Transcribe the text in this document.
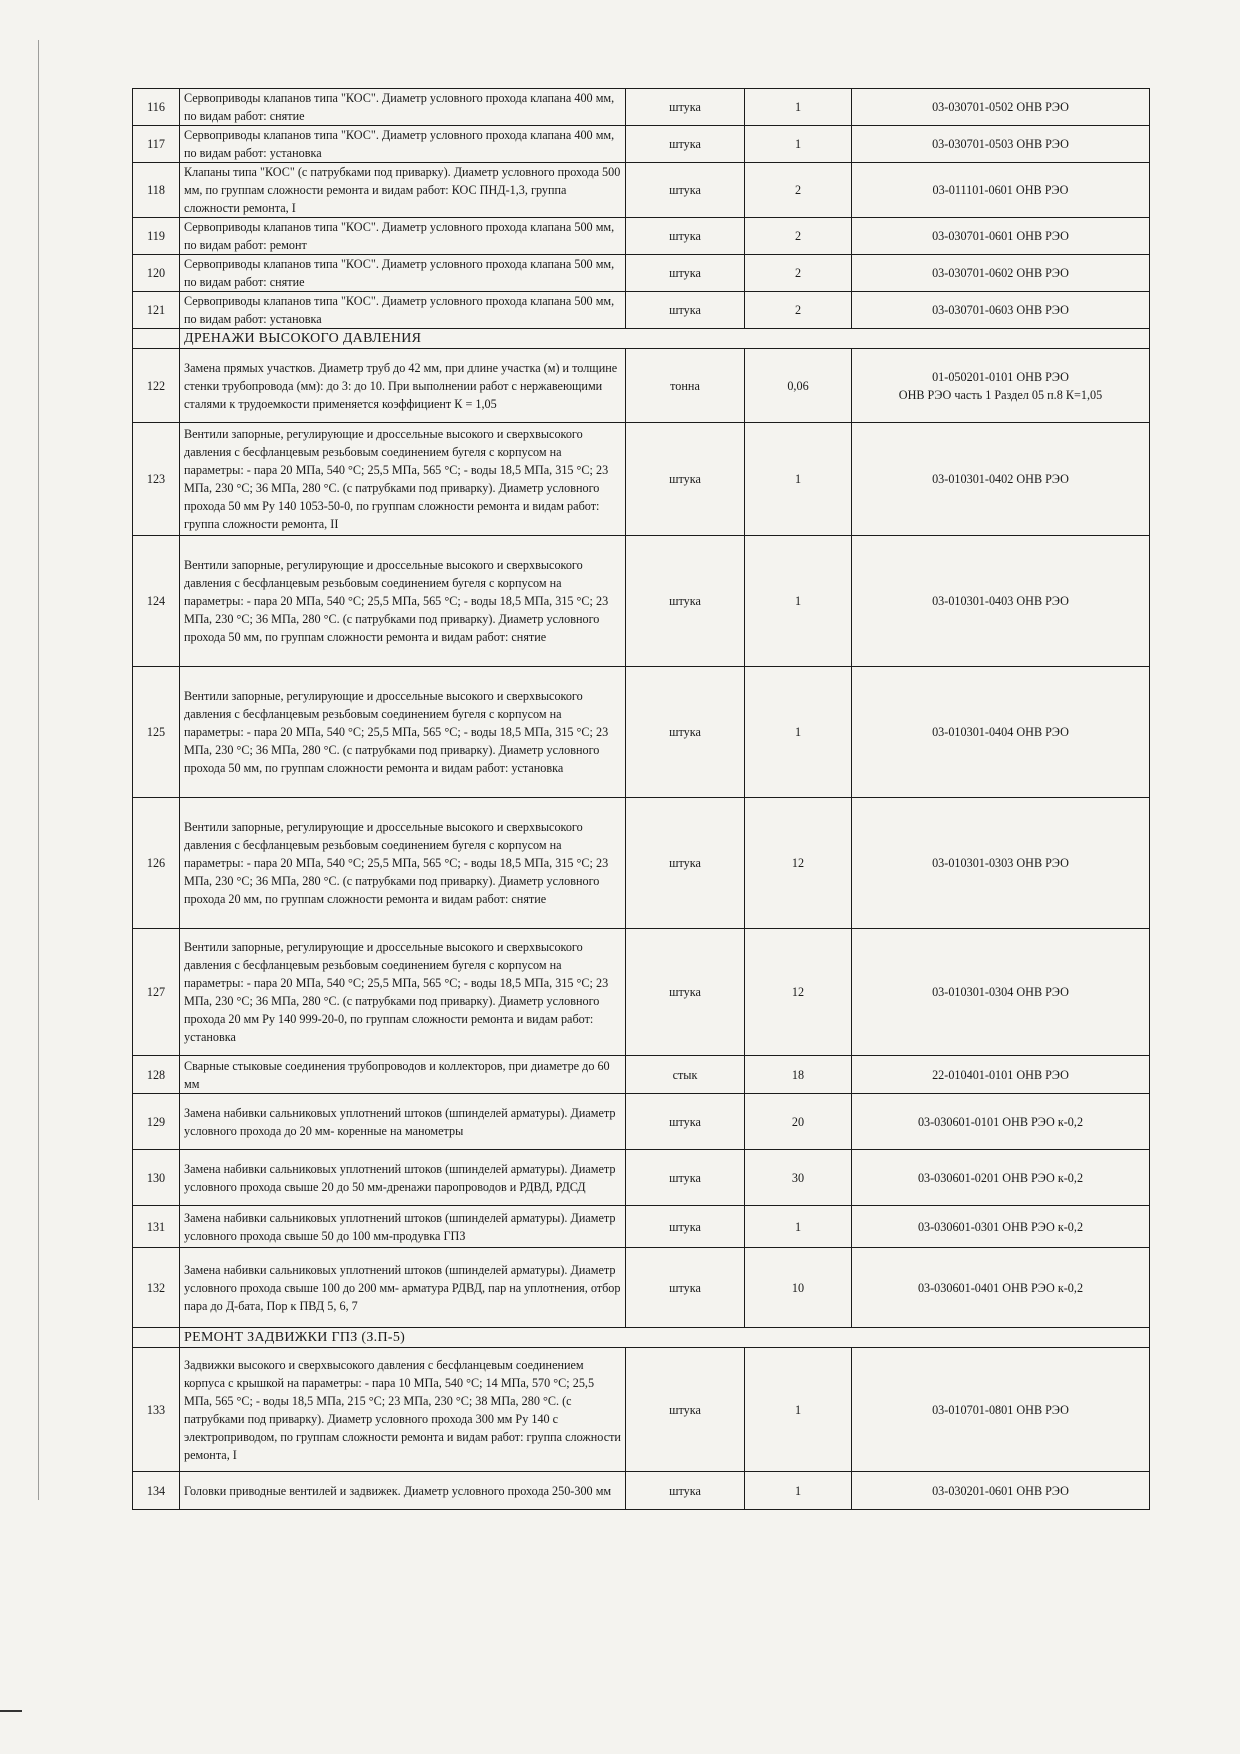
116	Сервоприводы клапанов типа "КОС". Диаметр условного прохода клапана 400 мм, по видам работ: снятие	штука	1	03-030701-0502 ОНВ РЭО

117	Сервоприводы клапанов типа "КОС". Диаметр условного прохода клапана 400 мм, по видам работ: установка	штука	1	03-030701-0503 ОНВ РЭО

118	Клапаны типа "КОС" (с патрубками под приварку). Диаметр условного прохода 500 мм, по группам сложности ремонта и видам работ: КОС ПНД-1,3, группа сложности ремонта, I	штука	2	03-011101-0601 ОНВ РЭО

119	Сервоприводы клапанов типа "КОС". Диаметр условного прохода клапана 500 мм, по видам работ: ремонт	штука	2	03-030701-0601 ОНВ РЭО

120	Сервоприводы клапанов типа "КОС". Диаметр условного прохода клапана 500 мм, по видам работ: снятие	штука	2	03-030701-0602 ОНВ РЭО

121	Сервоприводы клапанов типа "КОС". Диаметр условного прохода клапана 500 мм, по видам работ: установка	штука	2	03-030701-0603 ОНВ РЭО

	ДРЕНАЖИ ВЫСОКОГО ДАВЛЕНИЯ			
122	Замена прямых участков. Диаметр труб до 42 мм, при длине участка (м) и толщине стенки трубопровода (мм): до 3: до 10. При выполнении работ с нержавеющими сталями к трудоемкости применяется коэффициент К = 1,05	тонна	0,06	01-050201-0101 ОНВ РЭО
ОНВ РЭО часть 1 Раздел 05 п.8 К=1,05

123	Вентили запорные, регулирующие и дроссельные высокого и сверхвысокого давления с бесфланцевым резьбовым соединением бугеля с корпусом на параметры: - пара 20 МПа, 540 °С; 25,5 МПа, 565 °С; - воды 18,5 МПа, 315 °С; 23 МПа, 230 °С; 36 МПа, 280 °С. (с патрубками под приварку). Диаметр условного прохода 50 мм Ру 140 1053-50-0, по группам сложности ремонта и видам работ: группа сложности ремонта, II	штука	1	03-010301-0402 ОНВ РЭО

124	Вентили запорные, регулирующие и дроссельные высокого и сверхвысокого давления с бесфланцевым резьбовым соединением бугеля с корпусом на параметры: - пара 20 МПа, 540 °С; 25,5 МПа, 565 °С; - воды 18,5 МПа, 315 °С; 23 МПа, 230 °С; 36 МПа, 280 °С. (с патрубками под приварку). Диаметр условного прохода 50 мм, по группам сложности ремонта и видам работ: снятие	штука	1	03-010301-0403 ОНВ РЭО

125	Вентили запорные, регулирующие и дроссельные высокого и сверхвысокого давления с бесфланцевым резьбовым соединением бугеля с корпусом на параметры: - пара 20 МПа, 540 °С; 25,5 МПа, 565 °С; - воды 18,5 МПа, 315 °С; 23 МПа, 230 °С; 36 МПа, 280 °С. (с патрубками под приварку). Диаметр условного прохода 50 мм, по группам сложности ремонта и видам работ: установка	штука	1	03-010301-0404 ОНВ РЭО

126	Вентили запорные, регулирующие и дроссельные высокого и сверхвысокого давления с бесфланцевым резьбовым соединением бугеля с корпусом на параметры: - пара 20 МПа, 540 °С; 25,5 МПа, 565 °С; - воды 18,5 МПа, 315 °С; 23 МПа, 230 °С; 36 МПа, 280 °С. (с патрубками под приварку). Диаметр условного прохода 20 мм, по группам сложности ремонта и видам работ: снятие	штука	12	03-010301-0303 ОНВ РЭО

127	Вентили запорные, регулирующие и дроссельные высокого и сверхвысокого давления с бесфланцевым резьбовым соединением бугеля с корпусом на параметры: - пара 20 МПа, 540 °С; 25,5 МПа, 565 °С; - воды 18,5 МПа, 315 °С; 23 МПа, 230 °С; 36 МПа, 280 °С. (с патрубками под приварку). Диаметр условного прохода 20 мм Ру 140 999-20-0, по группам сложности ремонта и видам работ: установка	штука	12	03-010301-0304 ОНВ РЭО

128	Сварные стыковые соединения трубопроводов и коллекторов, при диаметре до 60 мм	стык	18	22-010401-0101 ОНВ РЭО

129	Замена набивки сальниковых уплотнений штоков (шпинделей арматуры). Диаметр условного прохода до 20 мм- коренные на манометры	штука	20	03-030601-0101 ОНВ РЭО к-0,2

130	Замена набивки сальниковых уплотнений штоков (шпинделей арматуры). Диаметр условного прохода свыше 20 до 50 мм-дренажи паропроводов и РДВД, РДСД	штука	30	03-030601-0201 ОНВ РЭО к-0,2

131	Замена набивки сальниковых уплотнений штоков (шпинделей арматуры). Диаметр условного прохода свыше 50 до 100 мм-продувка ГПЗ	штука	1	03-030601-0301 ОНВ РЭО к-0,2

132	Замена набивки сальниковых уплотнений штоков (шпинделей арматуры). Диаметр условного прохода свыше 100 до 200 мм- арматура РДВД, пар на уплотнения, отбор пара до Д-бата, Пор к ПВД 5, 6, 7	штука	10	03-030601-0401 ОНВ РЭО к-0,2

	РЕМОНТ ЗАДВИЖКИ ГПЗ (З.П-5)			
133	Задвижки высокого и сверхвысокого давления с бесфланцевым соединением корпуса с крышкой на параметры: - пара 10 МПа, 540 °С; 14 МПа, 570 °С; 25,5 МПа, 565 °С; - воды 18,5 МПа, 215 °С; 23 МПа, 230 °С; 38 МПа, 280 °С. (с патрубками под приварку). Диаметр условного прохода 300 мм Ру 140 с электроприводом, по группам сложности ремонта и видам работ: группа сложности ремонта, I	штука	1	03-010701-0801 ОНВ РЭО

134	Головки приводные вентилей и задвижек. Диаметр условного прохода 250-300 мм	штука	1	03-030201-0601 ОНВ РЭО
